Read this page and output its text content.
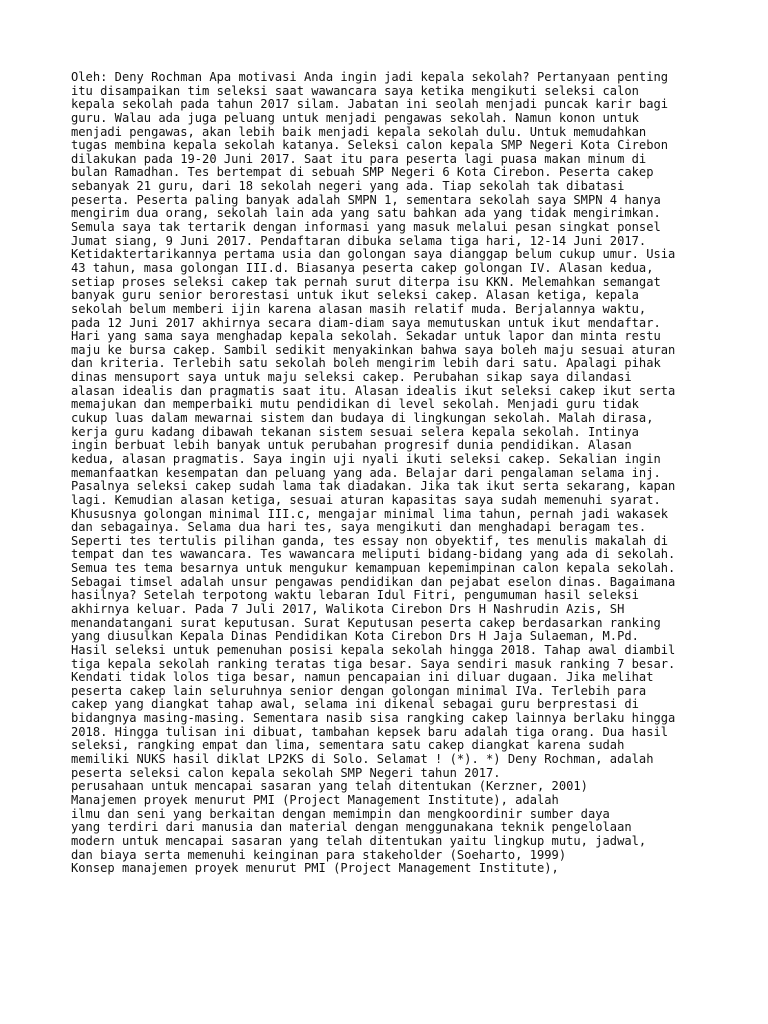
Oleh: Deny Rochman Apa motivasi Anda ingin jadi kepala sekolah? Pertanyaan penting
itu disampaikan tim seleksi saat wawancara saya ketika mengikuti seleksi calon
kepala sekolah pada tahun 2017 silam. Jabatan ini seolah menjadi puncak karir bagi
guru. Walau ada juga peluang untuk menjadi pengawas sekolah. Namun konon untuk
menjadi pengawas, akan lebih baik menjadi kepala sekolah dulu. Untuk memudahkan
tugas membina kepala sekolah katanya. Seleksi calon kepala SMP Negeri Kota Cirebon
dilakukan pada 19-20 Juni 2017. Saat itu para peserta lagi puasa makan minum di
bulan Ramadhan. Tes bertempat di sebuah SMP Negeri 6 Kota Cirebon. Peserta cakep
sebanyak 21 guru, dari 18 sekolah negeri yang ada. Tiap sekolah tak dibatasi
peserta. Peserta paling banyak adalah SMPN 1, sementara sekolah saya SMPN 4 hanya
mengirim dua orang, sekolah lain ada yang satu bahkan ada yang tidak mengirimkan.
Semula saya tak tertarik dengan informasi yang masuk melalui pesan singkat ponsel
Jumat siang, 9 Juni 2017. Pendaftaran dibuka selama tiga hari, 12-14 Juni 2017.
Ketidaktertarikannya pertama usia dan golongan saya dianggap belum cukup umur. Usia
43 tahun, masa golongan III.d. Biasanya peserta cakep golongan IV. Alasan kedua,
setiap proses seleksi cakep tak pernah surut diterpa isu KKN. Melemahkan semangat
banyak guru senior berorestasi untuk ikut seleksi cakep. Alasan ketiga, kepala
sekolah belum memberi ijin karena alasan masih relatif muda. Berjalannya waktu,
pada 12 Juni 2017 akhirnya secara diam-diam saya memutuskan untuk ikut mendaftar.
Hari yang sama saya menghadap kepala sekolah. Sekadar untuk lapor dan minta restu
maju ke bursa cakep. Sambil sedikit menyakinkan bahwa saya boleh maju sesuai aturan
dan kriteria. Terlebih satu sekolah boleh mengirim lebih dari satu. Apalagi pihak
dinas mensuport saya untuk maju seleksi cakep. Perubahan sikap saya dilandasi
alasan idealis dan pragmatis saat itu. Alasan idealis ikut seleksi cakep ikut serta
memajukan dan memperbaiki mutu pendidikan di level sekolah. Menjadi guru tidak
cukup luas dalam mewarnai sistem dan budaya di lingkungan sekolah. Malah dirasa,
kerja guru kadang dibawah tekanan sistem sesuai selera kepala sekolah. Intinya
ingin berbuat lebih banyak untuk perubahan progresif dunia pendidikan. Alasan
kedua, alasan pragmatis. Saya ingin uji nyali ikuti seleksi cakep. Sekalian ingin
memanfaatkan kesempatan dan peluang yang ada. Belajar dari pengalaman selama inj.
Pasalnya seleksi cakep sudah lama tak diadakan. Jika tak ikut serta sekarang, kapan
lagi. Kemudian alasan ketiga, sesuai aturan kapasitas saya sudah memenuhi syarat.
Khususnya golongan minimal III.c, mengajar minimal lima tahun, pernah jadi wakasek
dan sebagainya. Selama dua hari tes, saya mengikuti dan menghadapi beragam tes.
Seperti tes tertulis pilihan ganda, tes essay non obyektif, tes menulis makalah di
tempat dan tes wawancara. Tes wawancara meliputi bidang-bidang yang ada di sekolah.
Semua tes tema besarnya untuk mengukur kemampuan kepemimpinan calon kepala sekolah.
Sebagai timsel adalah unsur pengawas pendidikan dan pejabat eselon dinas. Bagaimana
hasilnya? Setelah terpotong waktu lebaran Idul Fitri, pengumuman hasil seleksi
akhirnya keluar. Pada 7 Juli 2017, Walikota Cirebon Drs H Nashrudin Azis, SH
menandatangani surat keputusan. Surat Keputusan peserta cakep berdasarkan ranking
yang diusulkan Kepala Dinas Pendidikan Kota Cirebon Drs H Jaja Sulaeman, M.Pd.
Hasil seleksi untuk pemenuhan posisi kepala sekolah hingga 2018. Tahap awal diambil
tiga kepala sekolah ranking teratas tiga besar. Saya sendiri masuk ranking 7 besar.
Kendati tidak lolos tiga besar, namun pencapaian ini diluar dugaan. Jika melihat
peserta cakep lain seluruhnya senior dengan golongan minimal IVa. Terlebih para
cakep yang diangkat tahap awal, selama ini dikenal sebagai guru berprestasi di
bidangnya masing-masing. Sementara nasib sisa rangking cakep lainnya berlaku hingga
2018. Hingga tulisan ini dibuat, tambahan kepsek baru adalah tiga orang. Dua hasil
seleksi, rangking empat dan lima, sementara satu cakep diangkat karena sudah
memiliki NUKS hasil diklat LP2KS di Solo. Selamat ! (*). *) Deny Rochman, adalah
peserta seleksi calon kepala sekolah SMP Negeri tahun 2017.
perusahaan untuk mencapai sasaran yang telah ditentukan (Kerzner, 2001)
Manajemen proyek menurut PMI (Project Management Institute), adalah
ilmu dan seni yang berkaitan dengan memimpin dan mengkoordinir sumber daya
yang terdiri dari manusia dan material dengan menggunakana teknik pengelolaan
modern untuk mencapai sasaran yang telah ditentukan yaitu lingkup mutu, jadwal,
dan biaya serta memenuhi keinginan para stakeholder (Soeharto, 1999)
Konsep manajemen proyek menurut PMI (Project Management Institute),
